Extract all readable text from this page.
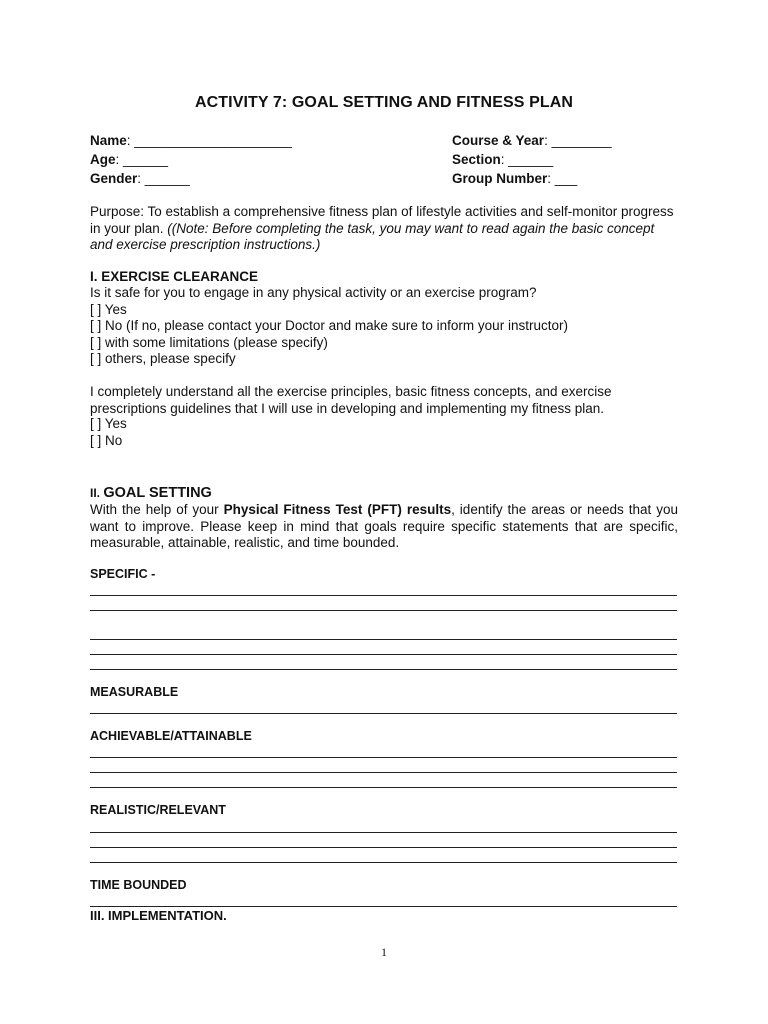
ACTIVITY 7: GOAL SETTING AND FITNESS PLAN
Name: _____________________
Age: ______
Gender: ______
Course & Year: ________
Section: ______
Group Number: ___
Purpose: To establish a comprehensive fitness plan of lifestyle activities and self-monitor progress in your plan. ((Note: Before completing the task, you may want to read again the basic concept and exercise prescription instructions.)
I. EXERCISE CLEARANCE
Is it safe for you to engage in any physical activity or an exercise program?
[ ] Yes
[ ] No (If no, please contact your Doctor and make sure to inform your instructor)
[ ] with some limitations (please specify)
[ ] others, please specify
I completely understand all the exercise principles, basic fitness concepts, and exercise prescriptions guidelines that I will use in developing and implementing my fitness plan.
[ ] Yes
[ ] No
II. GOAL SETTING
With the help of your Physical Fitness Test (PFT) results, identify the areas or needs that you want to improve. Please keep in mind that goals require specific statements that are specific, measurable, attainable, realistic, and time bounded.
SPECIFIC -
MEASURABLE
ACHIEVABLE/ATTAINABLE
REALISTIC/RELEVANT
TIME BOUNDED
III. IMPLEMENTATION.
1
